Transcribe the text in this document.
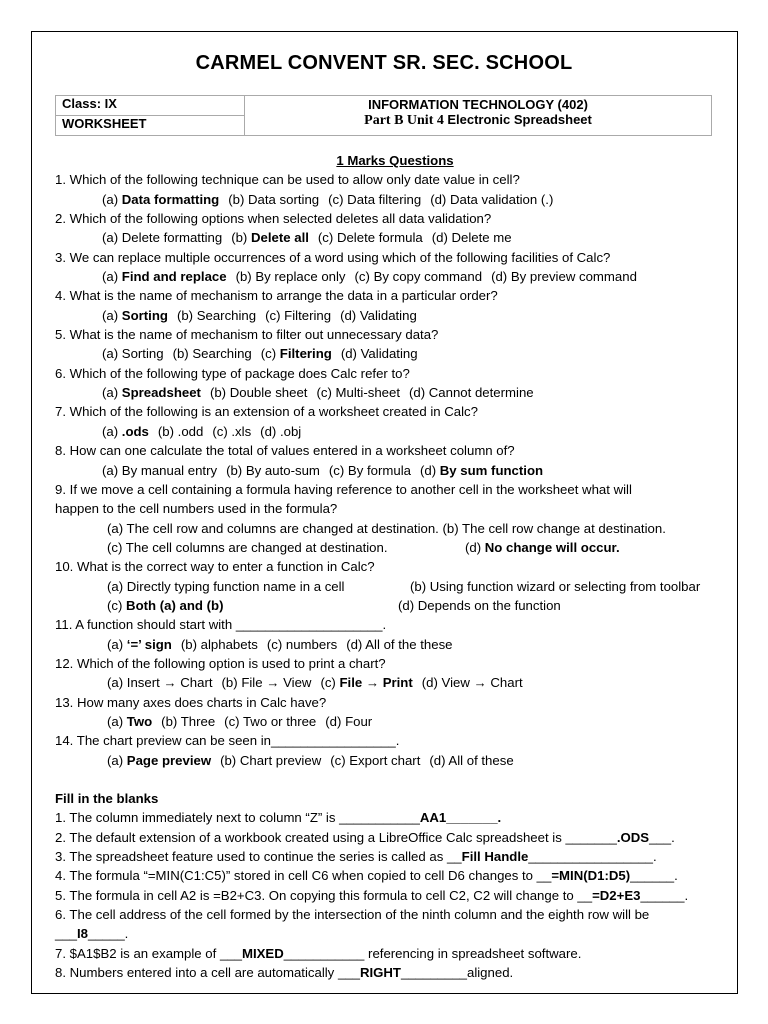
CARMEL CONVENT SR. SEC. SCHOOL
Class: IX	INFORMATION TECHNOLOGY (402)
Part B Unit 4 Electronic Spreadsheet

WORKSHEET
1 Marks Questions
1. Which of the following technique can be used to allow only date value in cell?
(a) Data formatting (b) Data sorting (c) Data filtering (d) Data validation (.)
2. Which of the following options when selected deletes all data validation?
(a) Delete formatting (b) Delete all (c) Delete formula (d) Delete me
3. We can replace multiple occurrences of a word using which of the following facilities of Calc?
(a) Find and replace (b) By replace only (c) By copy command (d) By preview command
4. What is the name of mechanism to arrange the data in a particular order?
(a) Sorting (b) Searching (c) Filtering (d) Validating
5. What is the name of mechanism to filter out unnecessary data?
(a) Sorting (b) Searching (c) Filtering (d) Validating
6. Which of the following type of package does Calc refer to?
(a) Spreadsheet (b) Double sheet (c) Multi-sheet (d) Cannot determine
7. Which of the following is an extension of a worksheet created in Calc?
(a) .ods (b) .odd (c) .xls (d) .obj
8. How can one calculate the total of values entered in a worksheet column of?
(a) By manual entry (b) By auto-sum (c) By formula (d) By sum function
9. If we move a cell containing a formula having reference to another cell in the worksheet what will
happen to the cell numbers used in the formula?
(a) The cell row and columns are changed at destination. (b) The cell row change at destination.
(c) The cell columns are changed at destination.	(d) No change will occur.
10. What is the correct way to enter a function in Calc?
(a) Directly typing function name in a cell	(b) Using function wizard or selecting from toolbar
(c) Both (a) and (b)	(d) Depends on the function
11. A function should start with ____________________.
(a) ‘=’ sign (b) alphabets (c) numbers (d) All of the these
12. Which of the following option is used to print a chart?
(a) Insert → Chart (b) File → View (c) File → Print (d) View → Chart
13. How many axes does charts in Calc have?
(a) Two (b) Three (c) Two or three (d) Four
14. The chart preview can be seen in_________________.
(a) Page preview (b) Chart preview (c) Export chart (d) All of these
Fill in the blanks
1. The column immediately next to column “Z” is ___________AA1_______.
2. The default extension of a workbook created using a LibreOffice Calc spreadsheet is _______.ODS___.
3. The spreadsheet feature used to continue the series is called as __Fill Handle_________________.
4. The formula “=MIN(C1:C5)” stored in cell C6 when copied to cell D6 changes to __=MIN(D1:D5)______.
5. The formula in cell A2 is =B2+C3. On copying this formula to cell C2, C2 will change to __=D2+E3______.
6. The cell address of the cell formed by the intersection of the ninth column and the eighth row will be
___I8_____.
7. $A1$B2 is an example of ___MIXED___________ referencing in spreadsheet software.
8. Numbers entered into a cell are automatically ___RIGHT_________aligned.
